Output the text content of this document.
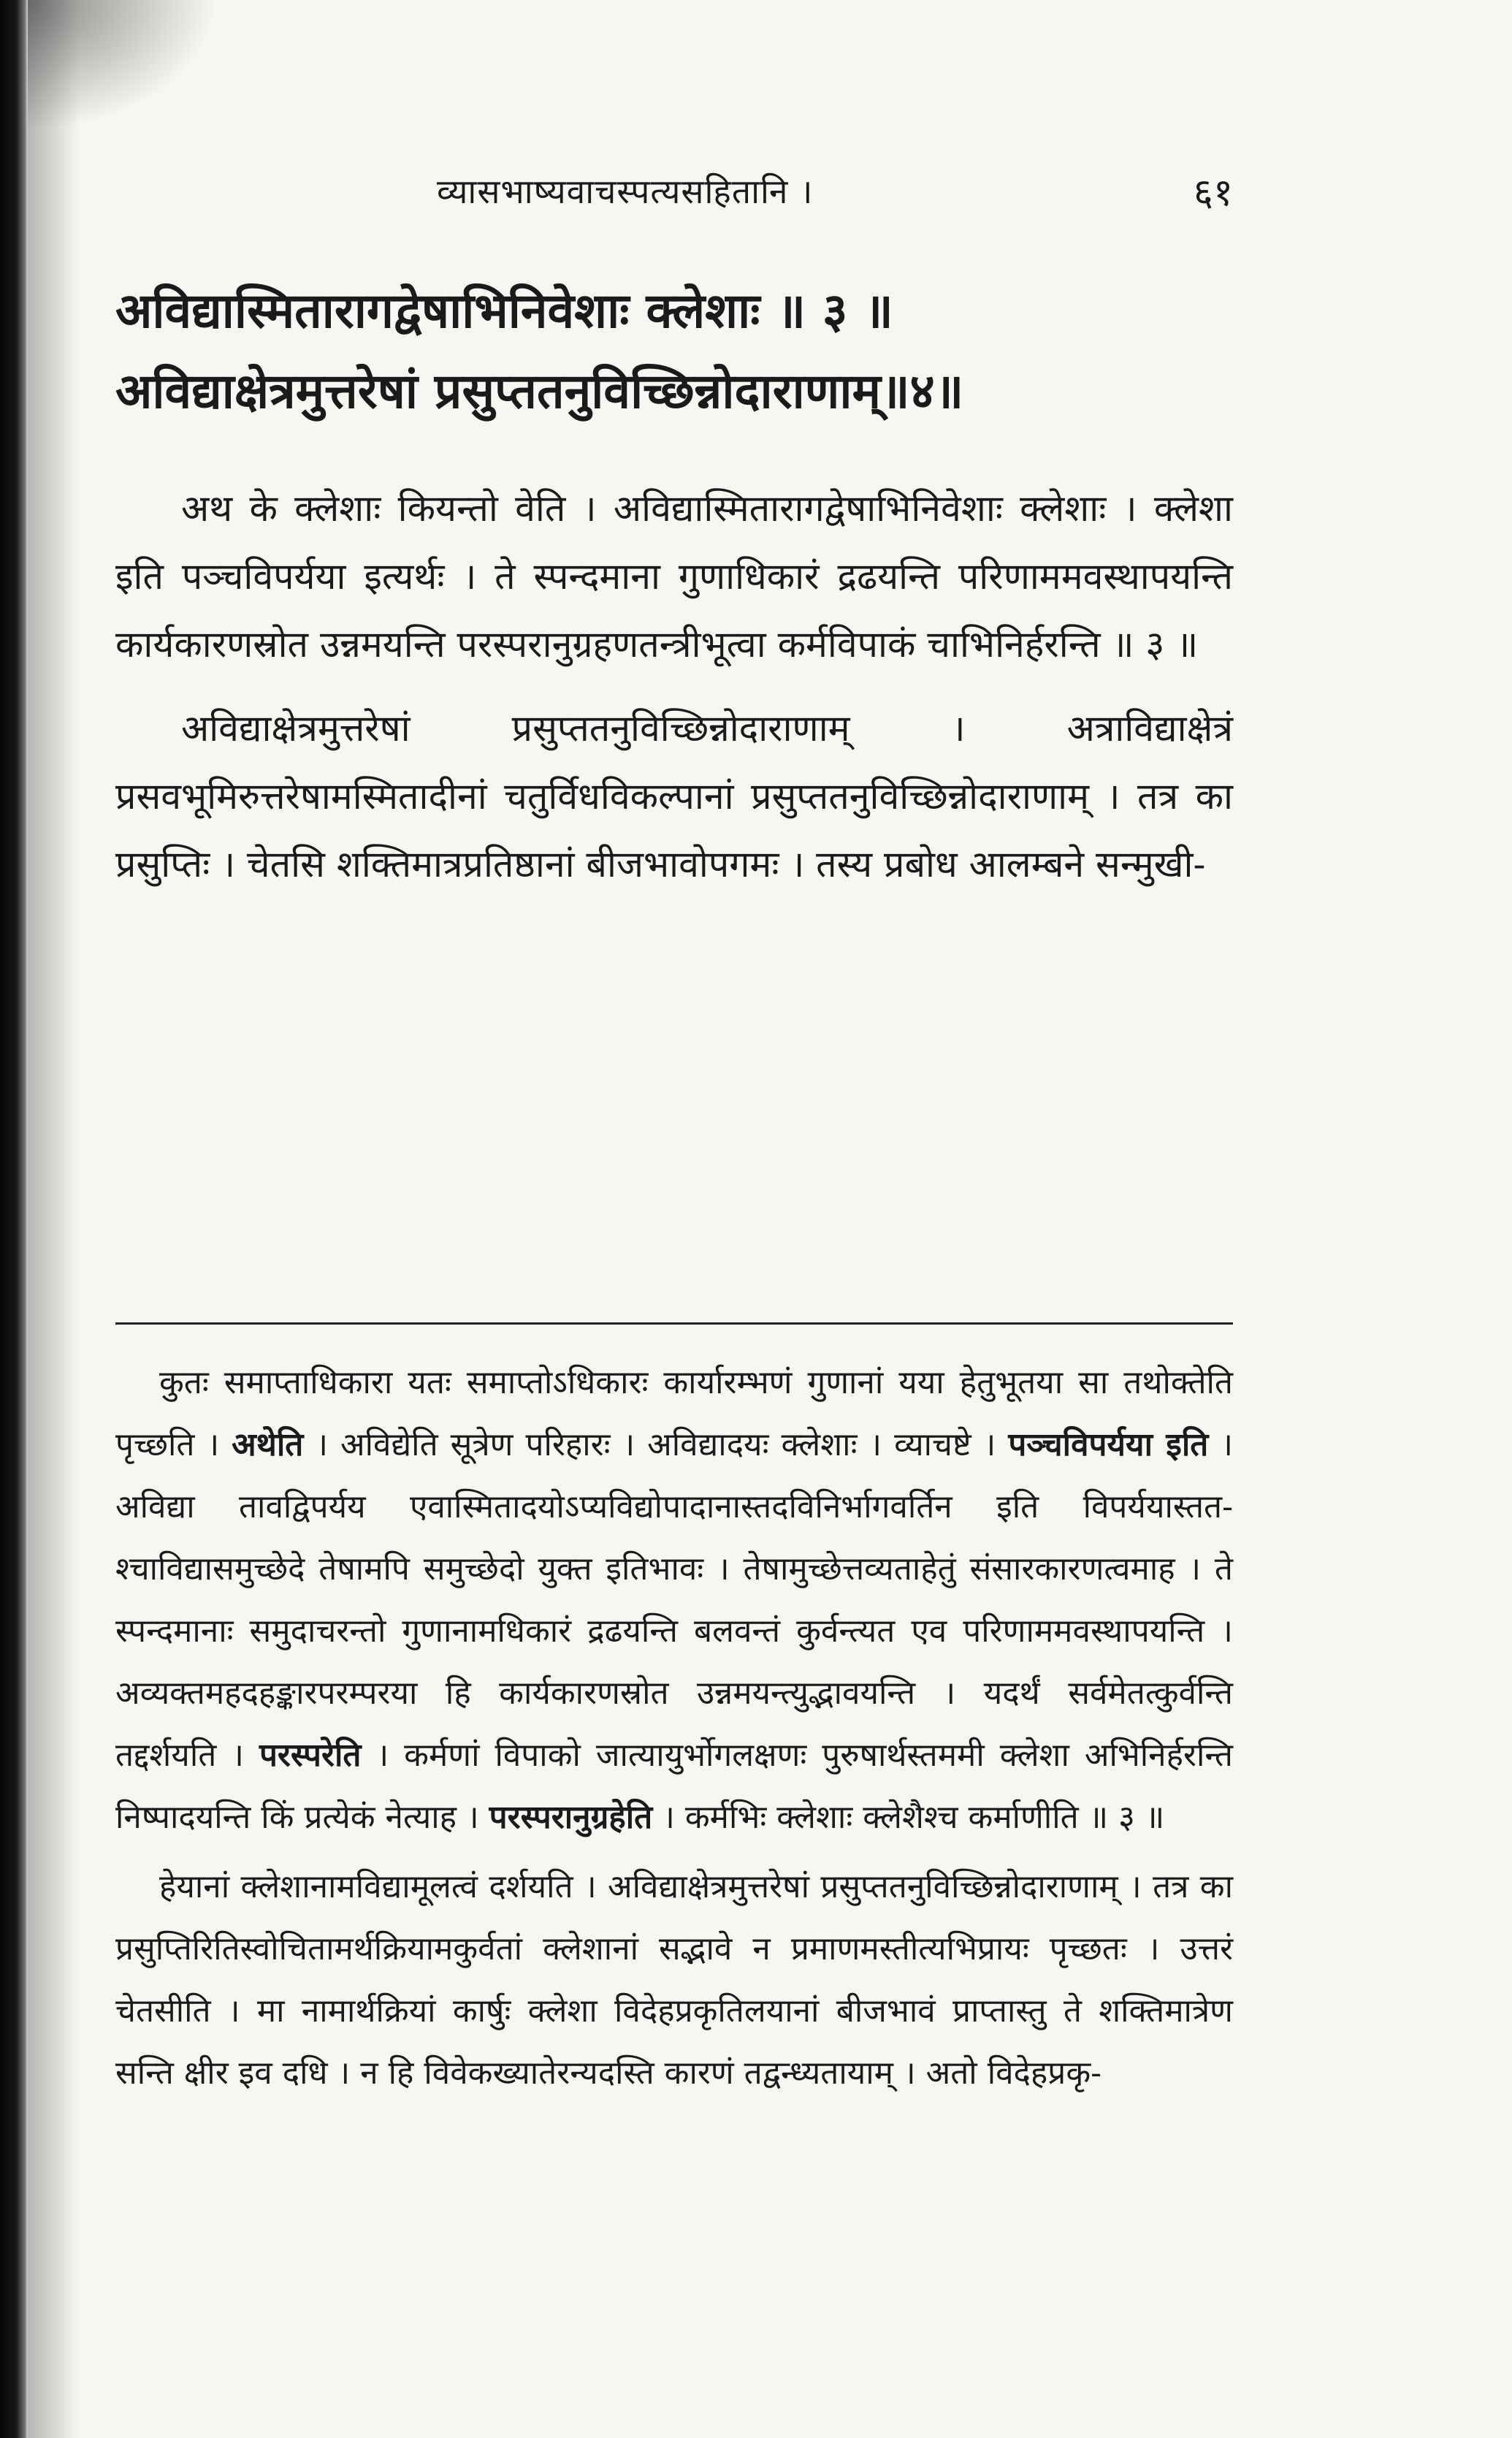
व्यासभाष्यवाचस्पत्यसहितानि ।	६१
अविद्यास्मितारागद्वेषाभिनिवेशाः क्लेशाः ॥ ३ ॥
अविद्याक्षेत्रमुत्तरेषां प्रसुप्ततनुविच्छिन्नोदाराणाम्॥४॥

अथ के क्लेशाः कियन्तो वेति । अविद्यास्मितारागद्वेषाभिनिवेशाः क्लेशाः । क्लेशा इति पञ्चविपर्यया इत्यर्थः । ते स्पन्दमाना गुणाधिकारं द्रढयन्ति परिणाममवस्थापयन्ति कार्यकारणस्रोत उन्नमयन्ति परस्परानुग्रहणतन्त्रीभूत्वा कर्मविपाकं चाभिनिर्हरन्ति ॥ ३ ॥

अविद्याक्षेत्रमुत्तरेषां प्रसुप्ततनुविच्छिन्नोदाराणाम् । अत्राविद्याक्षेत्रं प्रसवभूमिरुत्तरेषामस्मितादीनां चतुर्विधविकल्पानां प्रसुप्ततनुविच्छिन्नोदाराणाम् । तत्र का प्रसुप्तिः । चेतसि शक्तिमात्रप्रतिष्ठानां बीजभावोपगमः । तस्य प्रबोध आलम्बने सन्मुखी-

कुतः समाप्ताधिकारा यतः समाप्तोऽधिकारः कार्यारम्भणं गुणानां यया हेतुभूतया सा तथोक्तेति पृच्छति । अथेति । अविद्येति सूत्रेण परिहारः । अविद्यादयः क्लेशाः । व्याचष्टे । पञ्चविपर्यया इति । अविद्या तावद्विपर्यय एवास्मितादयोऽप्यविद्योपादानास्तदविनिर्भागवर्तिन इति विपर्ययास्तत-श्चाविद्यासमुच्छेदे तेषामपि समुच्छेदो युक्त इतिभावः । तेषामुच्छेत्तव्यताहेतुं संसारकारणत्वमाह । ते स्पन्दमानाः समुदाचरन्तो गुणानामधिकारं द्रढयन्ति बलवन्तं कुर्वन्त्यत एव परिणाममवस्थापयन्ति । अव्यक्तमहदहङ्कारपरम्परया हि कार्यकारणस्रोत उन्नमयन्त्युद्भावयन्ति । यदर्थं सर्वमेतत्कुर्वन्ति तद्दर्शयति । परस्परेति । कर्मणां विपाको जात्यायुर्भोगलक्षणः पुरुषार्थस्तममी क्लेशा अभिनिर्हरन्ति निष्पादयन्ति किं प्रत्येकं नेत्याह । परस्परानुग्रहेति । कर्मभिः क्लेशाः क्लेशैश्च कर्माणीति ॥ ३ ॥

हेयानां क्लेशानामविद्यामूलत्वं दर्शयति । अविद्याक्षेत्रमुत्तरेषां प्रसुप्ततनुविच्छिन्नोदाराणाम् । तत्र का प्रसुप्तिरितिस्वोचितामर्थक्रियामकुर्वतां क्लेशानां सद्भावे न प्रमाणमस्तीत्यभिप्रायः पृच्छतः । उत्तरं चेतसीति । मा नामार्थक्रियां कार्षुः क्लेशा विदेहप्रकृतिलयानां बीजभावं प्राप्तास्तु ते शक्तिमात्रेण सन्ति क्षीर इव दधि । न हि विवेकख्यातेरन्यदस्ति कारणं तद्वन्ध्यतायाम् । अतो विदेहप्रकृ-
